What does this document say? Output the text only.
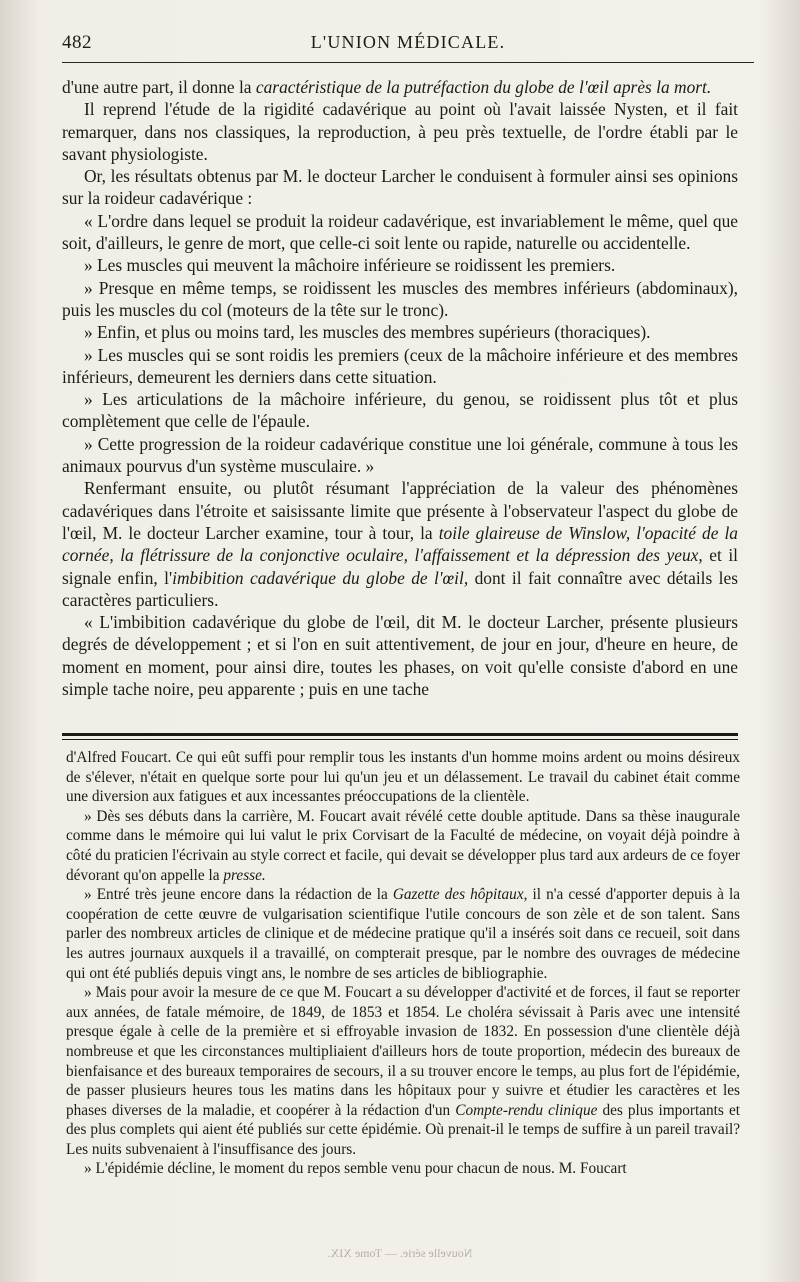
482	L'UNION MÉDICALE.

d'une autre part, il donne la caractéristique de la putréfaction du globe de l'œil après la mort.

Il reprend l'étude de la rigidité cadavérique au point où l'avait laissée Nysten, et il fait remarquer, dans nos classiques, la reproduction, à peu près textuelle, de l'ordre établi par le savant physiologiste.

Or, les résultats obtenus par M. le docteur Larcher le conduisent à formuler ainsi ses opinions sur la roideur cadavérique :

« L'ordre dans lequel se produit la roideur cadavérique, est invariablement le même, quel que soit, d'ailleurs, le genre de mort, que celle-ci soit lente ou rapide, naturelle ou accidentelle.

» Les muscles qui meuvent la mâchoire inférieure se roidissent les premiers.

» Presque en même temps, se roidissent les muscles des membres inférieurs (abdominaux), puis les muscles du col (moteurs de la tête sur le tronc).

» Enfin, et plus ou moins tard, les muscles des membres supérieurs (thoraciques).

» Les muscles qui se sont roidis les premiers (ceux de la mâchoire inférieure et des membres inférieurs, demeurent les derniers dans cette situation.

» Les articulations de la mâchoire inférieure, du genou, se roidissent plus tôt et plus complètement que celle de l'épaule.

» Cette progression de la roideur cadavérique constitue une loi générale, commune à tous les animaux pourvus d'un système musculaire. »

Renfermant ensuite, ou plutôt résumant l'appréciation de la valeur des phénomènes cadavériques dans l'étroite et saisissante limite que présente à l'observateur l'aspect du globe de l'œil, M. le docteur Larcher examine, tour à tour, la toile glaireuse de Winslow, l'opacité de la cornée, la flétrissure de la conjonctive oculaire, l'affaissement et la dépression des yeux, et il signale enfin, l'imbibition cadavérique du globe de l'œil, dont il fait connaître avec détails les caractères particuliers.

« L'imbibition cadavérique du globe de l'œil, dit M. le docteur Larcher, présente plusieurs degrés de développement ; et si l'on en suit attentivement, de jour en jour, d'heure en heure, de moment en moment, pour ainsi dire, toutes les phases, on voit qu'elle consiste d'abord en une simple tache noire, peu apparente ; puis en une tache

d'Alfred Foucart. Ce qui eût suffi pour remplir tous les instants d'un homme moins ardent ou moins désireux de s'élever, n'était en quelque sorte pour lui qu'un jeu et un délassement. Le travail du cabinet était comme une diversion aux fatigues et aux incessantes préoccupations de la clientèle.

» Dès ses débuts dans la carrière, M. Foucart avait révélé cette double aptitude. Dans sa thèse inaugurale comme dans le mémoire qui lui valut le prix Corvisart de la Faculté de médecine, on voyait déjà poindre à côté du praticien l'écrivain au style correct et facile, qui devait se développer plus tard aux ardeurs de ce foyer dévorant qu'on appelle la presse.

» Entré très jeune encore dans la rédaction de la Gazette des hôpitaux, il n'a cessé d'apporter depuis à la coopération de cette œuvre de vulgarisation scientifique l'utile concours de son zèle et de son talent. Sans parler des nombreux articles de clinique et de médecine pratique qu'il a insérés soit dans ce recueil, soit dans les autres journaux auxquels il a travaillé, on compterait presque, par le nombre des ouvrages de médecine qui ont été publiés depuis vingt ans, le nombre de ses articles de bibliographie.

» Mais pour avoir la mesure de ce que M. Foucart a su développer d'activité et de forces, il faut se reporter aux années, de fatale mémoire, de 1849, de 1853 et 1854. Le choléra sévissait à Paris avec une intensité presque égale à celle de la première et si effroyable invasion de 1832. En possession d'une clientèle déjà nombreuse et que les circonstances multipliaient d'ailleurs hors de toute proportion, médecin des bureaux de bienfaisance et des bureaux temporaires de secours, il a su trouver encore le temps, au plus fort de l'épidémie, de passer plusieurs heures tous les matins dans les hôpitaux pour y suivre et étudier les caractères et les phases diverses de la maladie, et coopérer à la rédaction d'un Compte-rendu clinique des plus importants et des plus complets qui aient été publiés sur cette épidémie. Où prenait-il le temps de suffire à un pareil travail? Les nuits subvenaient à l'insuffisance des jours.

» L'épidémie décline, le moment du repos semble venu pour chacun de nous. M. Foucart

Nouvelle série. — Tome XIX.
